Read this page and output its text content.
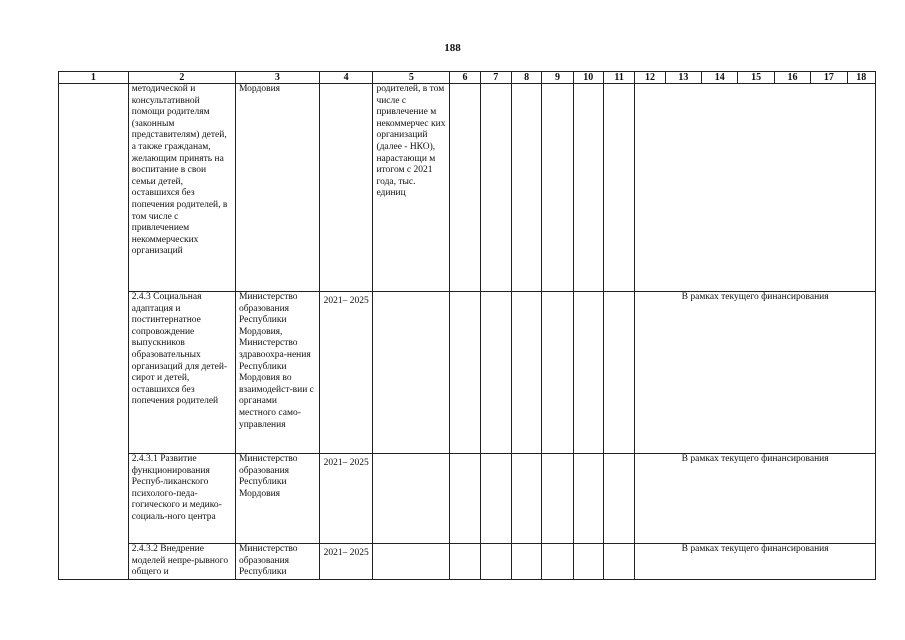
188
1	2	3	4	5	6	7	8	9	10	11	12	13	14	15	16	17	18
	методической и консультативной помощи родителям (законным представителям) детей, а также гражданам, желающим принять на воспитание в свои семьи детей, оставшихся без попечения родителей, в том числе с привлечением некоммерческих организаций	Мордовия		родителей, в том числе с привлечение м некоммерчес ких организаций (далее - НКО), нарастающи м итогом с 2021 года, тыс. единиц													
	2.4.3 Социальная адаптация и постинтернатное сопровождение выпускников образовательных организаций для детей-сирот и детей, оставшихся без попечения родителей	Министерство образования Республики Мордовия, Министерство здравоохра-нения Республики Мордовия во взаимодейст-вии с органами местного само-управления	2021– 2025								В рамках текущего финансирования						
	2.4.3.1 Развитие функционирования Респуб-ликанского психолого-педа-гогического и медико-социаль-ного центра	Министерство образования Республики Мордовия	2021– 2025								В рамках текущего финансирования						
	2.4.3.2 Внедрение моделей непре-рывного общего и	Министерство образования Республики	2021– 2025								В рамках текущего финансирования						
